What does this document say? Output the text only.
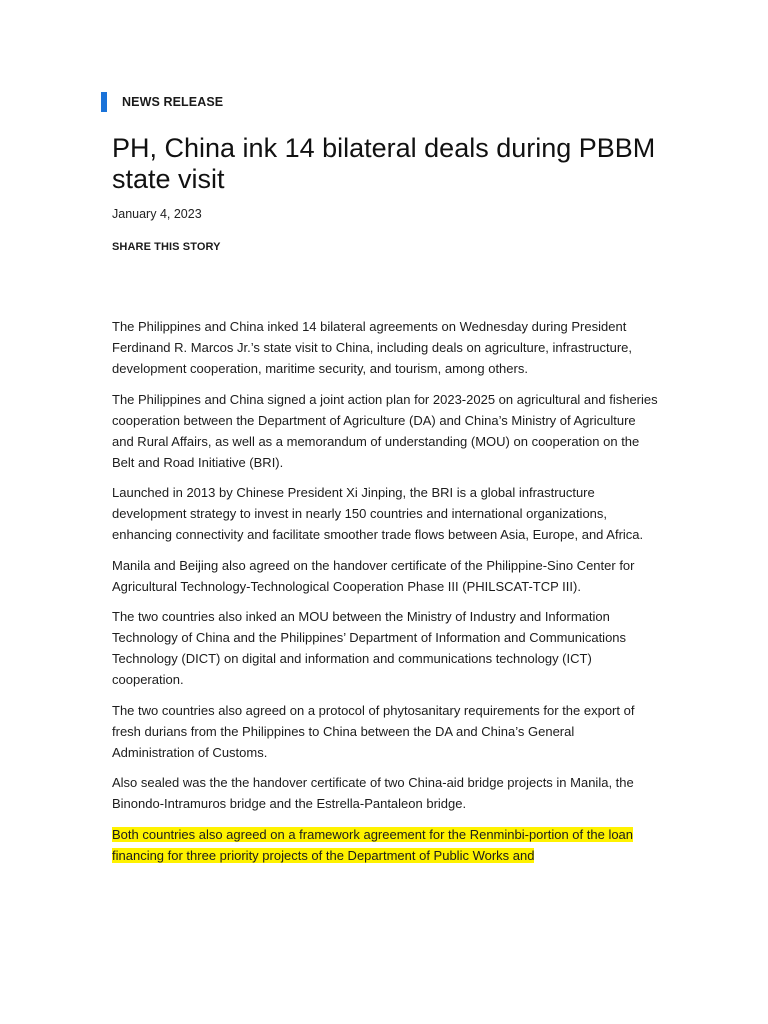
NEWS RELEASE
PH, China ink 14 bilateral deals during PBBM state visit
January 4, 2023
SHARE THIS STORY

The Philippines and China inked 14 bilateral agreements on Wednesday during President Ferdinand R. Marcos Jr.’s state visit to China, including deals on agriculture, infrastructure, development cooperation, maritime security, and tourism, among others.

The Philippines and China signed a joint action plan for 2023-2025 on agricultural and fisheries cooperation between the Department of Agriculture (DA) and China’s Ministry of Agriculture and Rural Affairs, as well as a memorandum of understanding (MOU) on cooperation on the Belt and Road Initiative (BRI).

Launched in 2013 by Chinese President Xi Jinping, the BRI is a global infrastructure development strategy to invest in nearly 150 countries and international organizations, enhancing connectivity and facilitate smoother trade flows between Asia, Europe, and Africa.

Manila and Beijing also agreed on the handover certificate of the Philippine-Sino Center for Agricultural Technology-Technological Cooperation Phase III (PHILSCAT-TCP III).

The two countries also inked an MOU between the Ministry of Industry and Information Technology of China and the Philippines’ Department of Information and Communications Technology (DICT) on digital and information and communications technology (ICT) cooperation.

The two countries also agreed on a protocol of phytosanitary requirements for the export of fresh durians from the Philippines to China between the DA and China’s General Administration of Customs.

Also sealed was the the handover certificate of two China-aid bridge projects in Manila, the Binondo-Intramuros bridge and the Estrella-Pantaleon bridge.

Both countries also agreed on a framework agreement for the Renminbi-portion of the loan financing for three priority projects of the Department of Public Works and
